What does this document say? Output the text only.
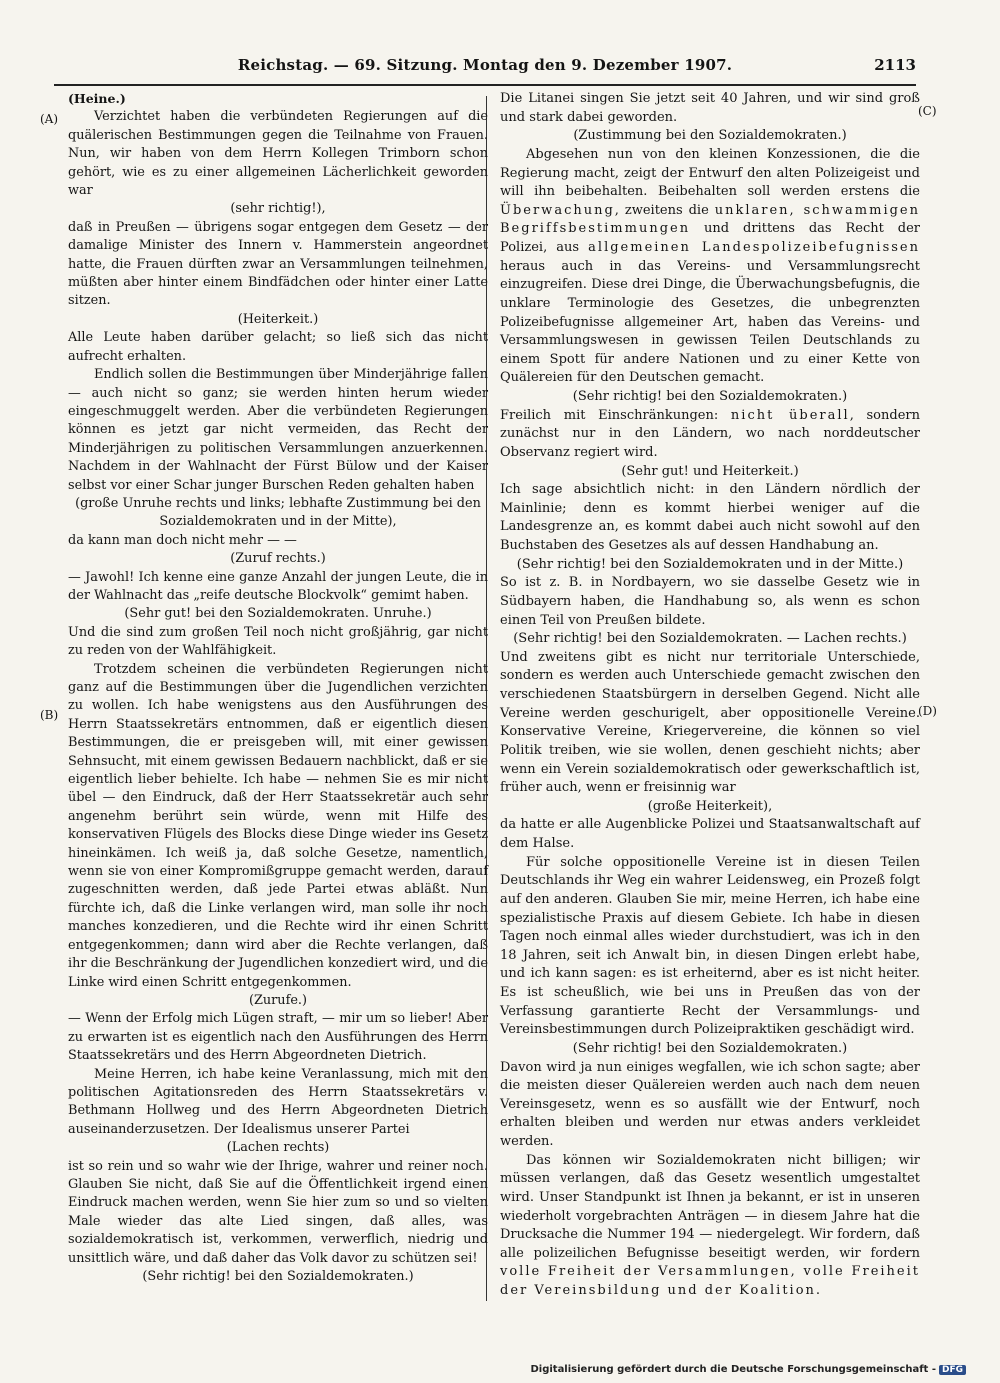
Reichstag. — 69. Sitzung. Montag den 9. Dezember 1907.	2113
(A)
(B)
(C)
(D)
(Heine.)

Verzichtet haben die verbündeten Regierungen auf die quälerischen Bestimmungen gegen die Teilnahme von Frauen. Nun, wir haben von dem Herrn Kollegen Trimborn schon gehört, wie es zu einer allgemeinen Lächerlichkeit geworden war

(sehr richtig!),

daß in Preußen — übrigens sogar entgegen dem Gesetz — der damalige Minister des Innern v. Hammerstein angeordnet hatte, die Frauen dürften zwar an Versammlungen teilnehmen, müßten aber hinter einem Bindfädchen oder hinter einer Latte sitzen.

(Heiterkeit.)

Alle Leute haben darüber gelacht; so ließ sich das nicht aufrecht erhalten.

Endlich sollen die Bestimmungen über Minderjährige fallen — auch nicht so ganz; sie werden hinten herum wieder eingeschmuggelt werden. Aber die verbündeten Regierungen können es jetzt gar nicht vermeiden, das Recht der Minderjährigen zu politischen Versammlungen anzuerkennen. Nachdem in der Wahlnacht der Fürst Bülow und der Kaiser selbst vor einer Schar junger Burschen Reden gehalten haben

(große Unruhe rechts und links; lebhafte Zustimmung bei den Sozialdemokraten und in der Mitte),

da kann man doch nicht mehr — —

(Zuruf rechts.)

— Jawohl! Ich kenne eine ganze Anzahl der jungen Leute, die in der Wahlnacht das „reife deutsche Blockvolk“ gemimt haben.

(Sehr gut! bei den Sozialdemokraten. Unruhe.)

Und die sind zum großen Teil noch nicht großjährig, gar nicht zu reden von der Wahlfähigkeit.

Trotzdem scheinen die verbündeten Regierungen nicht ganz auf die Bestimmungen über die Jugendlichen verzichten zu wollen. Ich habe wenigstens aus den Ausführungen des Herrn Staatssekretärs entnommen, daß er eigentlich diesen Bestimmungen, die er preisgeben will, mit einer gewissen Sehnsucht, mit einem gewissen Bedauern nachblickt, daß er sie eigentlich lieber behielte. Ich habe — nehmen Sie es mir nicht übel — den Eindruck, daß der Herr Staatssekretär auch sehr angenehm berührt sein würde, wenn mit Hilfe des konservativen Flügels des Blocks diese Dinge wieder ins Gesetz hineinkämen. Ich weiß ja, daß solche Gesetze, namentlich, wenn sie von einer Kompromißgruppe gemacht werden, darauf zugeschnitten werden, daß jede Partei etwas abläßt. Nun fürchte ich, daß die Linke verlangen wird, man solle ihr noch manches konzedieren, und die Rechte wird ihr einen Schritt entgegenkommen; dann wird aber die Rechte verlangen, daß ihr die Beschränkung der Jugendlichen konzediert wird, und die Linke wird einen Schritt entgegenkommen.

(Zurufe.)

— Wenn der Erfolg mich Lügen straft, — mir um so lieber! Aber zu erwarten ist es eigentlich nach den Ausführungen des Herrn Staatssekretärs und des Herrn Abgeordneten Dietrich.

Meine Herren, ich habe keine Veranlassung, mich mit den politischen Agitationsreden des Herrn Staatssekretärs v. Bethmann Hollweg und des Herrn Abgeordneten Dietrich auseinanderzusetzen. Der Idealismus unserer Partei

(Lachen rechts)

ist so rein und so wahr wie der Ihrige, wahrer und reiner noch. Glauben Sie nicht, daß Sie auf die Öffentlichkeit irgend einen Eindruck machen werden, wenn Sie hier zum so und so vielten Male wieder das alte Lied singen, daß alles, was sozialdemokratisch ist, verkommen, verwerflich, niedrig und unsittlich wäre, und daß daher das Volk davor zu schützen sei!

(Sehr richtig! bei den Sozialdemokraten.)

Die Litanei singen Sie jetzt seit 40 Jahren, und wir sind groß und stark dabei geworden.

(Zustimmung bei den Sozialdemokraten.)

Abgesehen nun von den kleinen Konzessionen, die die Regierung macht, zeigt der Entwurf den alten Polizeigeist und will ihn beibehalten. Beibehalten soll werden erstens die Überwachung, zweitens die unklaren, schwammigen Begriffsbestimmungen und drittens das Recht der Polizei, aus allgemeinen Landespolizeibefugnissen heraus auch in das Vereins- und Versammlungsrecht einzugreifen. Diese drei Dinge, die Überwachungsbefugnis, die unklare Terminologie des Gesetzes, die unbegrenzten Polizeibefugnisse allgemeiner Art, haben das Vereins- und Versammlungswesen in gewissen Teilen Deutschlands zu einem Spott für andere Nationen und zu einer Kette von Quälereien für den Deutschen gemacht.

(Sehr richtig! bei den Sozialdemokraten.)

Freilich mit Einschränkungen: nicht überall, sondern zunächst nur in den Ländern, wo nach norddeutscher Observanz regiert wird.

(Sehr gut! und Heiterkeit.)

Ich sage absichtlich nicht: in den Ländern nördlich der Mainlinie; denn es kommt hierbei weniger auf die Landesgrenze an, es kommt dabei auch nicht sowohl auf den Buchstaben des Gesetzes als auf dessen Handhabung an.

(Sehr richtig! bei den Sozialdemokraten und in der Mitte.)

So ist z. B. in Nordbayern, wo sie dasselbe Gesetz wie in Südbayern haben, die Handhabung so, als wenn es schon einen Teil von Preußen bildete.

(Sehr richtig! bei den Sozialdemokraten. — Lachen rechts.)

Und zweitens gibt es nicht nur territoriale Unterschiede, sondern es werden auch Unterschiede gemacht zwischen den verschiedenen Staatsbürgern in derselben Gegend. Nicht alle Vereine werden geschurigelt, aber oppositionelle Vereine. Konservative Vereine, Kriegervereine, die können so viel Politik treiben, wie sie wollen, denen geschieht nichts; aber wenn ein Verein sozialdemokratisch oder gewerkschaftlich ist, früher auch, wenn er freisinnig war

(große Heiterkeit),

da hatte er alle Augenblicke Polizei und Staatsanwaltschaft auf dem Halse.

Für solche oppositionelle Vereine ist in diesen Teilen Deutschlands ihr Weg ein wahrer Leidensweg, ein Prozeß folgt auf den anderen. Glauben Sie mir, meine Herren, ich habe eine spezialistische Praxis auf diesem Gebiete. Ich habe in diesen Tagen noch einmal alles wieder durchstudiert, was ich in den 18 Jahren, seit ich Anwalt bin, in diesen Dingen erlebt habe, und ich kann sagen: es ist erheiternd, aber es ist nicht heiter. Es ist scheußlich, wie bei uns in Preußen das von der Verfassung garantierte Recht der Versammlungs- und Vereinsbestimmungen durch Polizeipraktiken geschädigt wird.

(Sehr richtig! bei den Sozialdemokraten.)

Davon wird ja nun einiges wegfallen, wie ich schon sagte; aber die meisten dieser Quälereien werden auch nach dem neuen Vereinsgesetz, wenn es so ausfällt wie der Entwurf, noch erhalten bleiben und werden nur etwas anders verkleidet werden.

Das können wir Sozialdemokraten nicht billigen; wir müssen verlangen, daß das Gesetz wesentlich umgestaltet wird. Unser Standpunkt ist Ihnen ja bekannt, er ist in unseren wiederholt vorgebrachten Anträgen — in diesem Jahre hat die Drucksache die Nummer 194 — niedergelegt. Wir fordern, daß alle polizeilichen Befugnisse beseitigt werden, wir fordern volle Freiheit der Versammlungen, volle Freiheit der Vereinsbildung und der Koalition.

Digitalisierung gefördert durch die Deutsche Forschungsgemeinschaft - DFG
